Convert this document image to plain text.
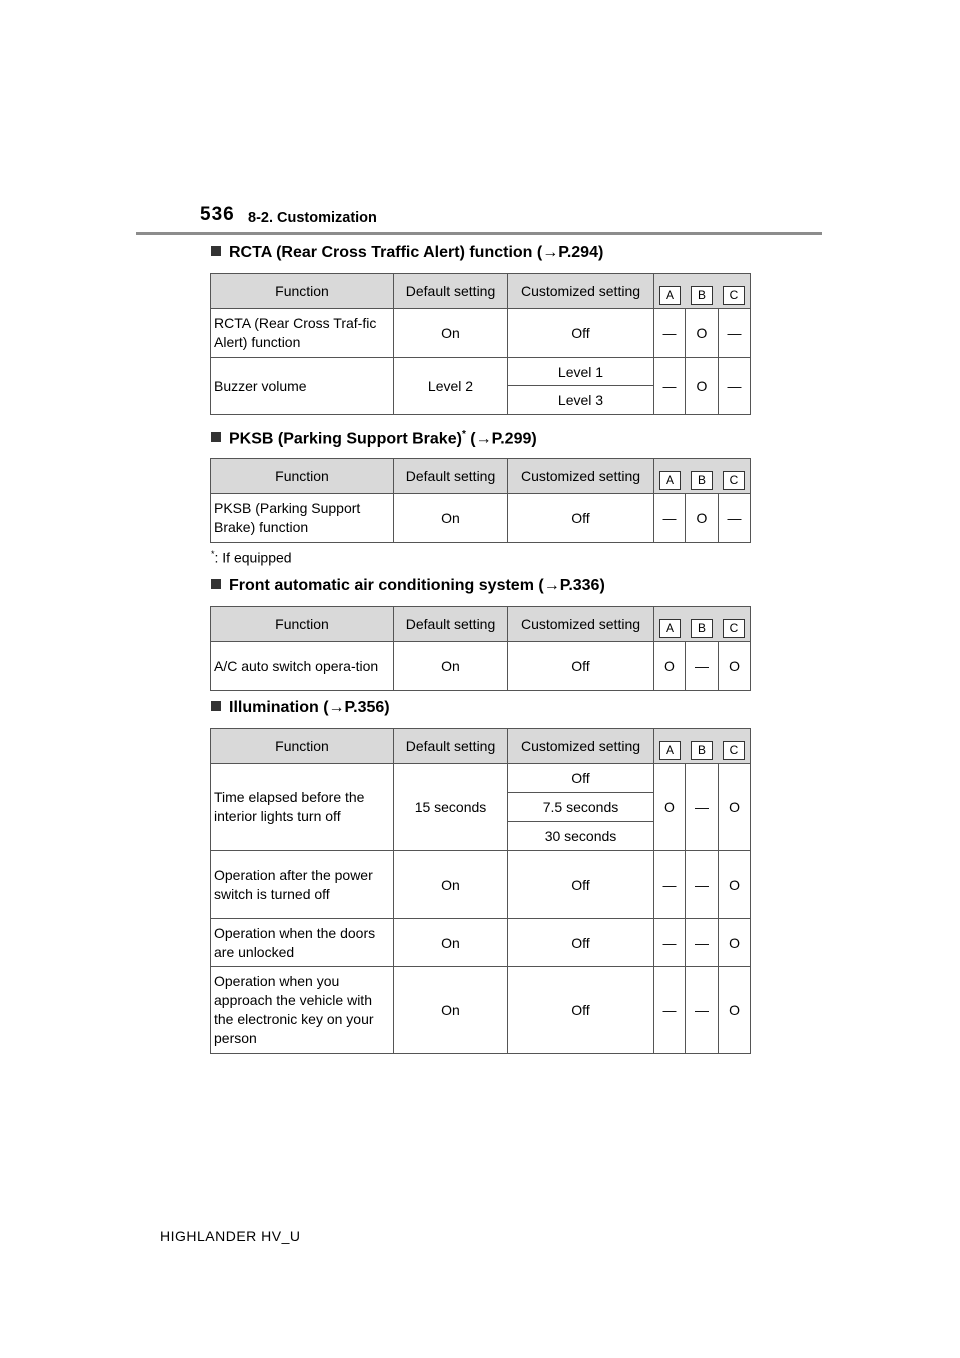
536 8-2. Customization
RCTA (Rear Cross Traffic Alert) function (→P.294)
Function	Default setting	Customized setting	A B C		

RCTA (Rear Cross Traf-fic Alert) function	On	Off	—	O	—
Buzzer volume	Level 2	Level 1	—	O	—
		Level 3			
PKSB (Parking Support Brake)* (→P.299)
Function	Default setting	Customized setting	A B C		

PKSB (Parking Support Brake) function	On	Off	—	O	—
*: If equipped
Front automatic air conditioning system (→P.336)
Function	Default setting	Customized setting	A B C		

A/C auto switch opera-tion	On	Off	O	—	O
Illumination (→P.356)
Function	Default setting	Customized setting	A B C		

Time elapsed before the interior lights turn off	15 seconds	Off	O	—	O
		7.5 seconds			
		30 seconds			
Operation after the power switch is turned off	On	Off	—	—	O
Operation when the doors are unlocked	On	Off	—	—	O
Operation when you approach the vehicle with the electronic key on your person	On	Off	—	—	O
HIGHLANDER HV_U
